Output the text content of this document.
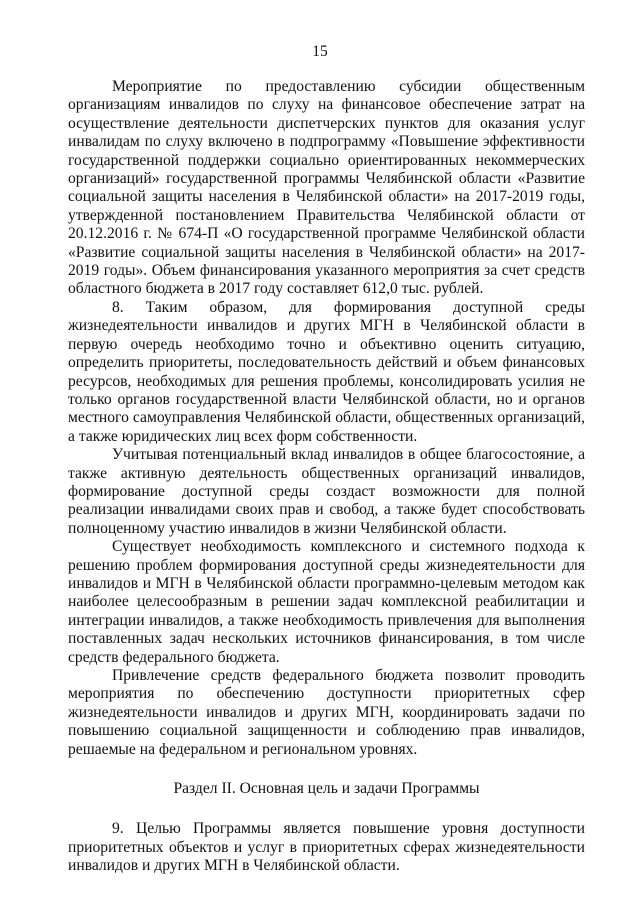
15

Мероприятие по предоставлению субсидии общественным организациям инвалидов по слуху на финансовое обеспечение затрат на осуществление деятельности диспетчерских пунктов для оказания услуг инвалидам по слуху включено в подпрограмму «Повышение эффективности государственной поддержки социально ориентированных некоммерческих организаций» государственной программы Челябинской области «Развитие социальной защиты населения в Челябинской области» на 2017-2019 годы, утвержденной постановлением Правительства Челябинской области от 20.12.2016 г. № 674-П «О государственной программе Челябинской области «Развитие социальной защиты населения в Челябинской области» на 2017-2019 годы». Объем финансирования указанного мероприятия за счет средств областного бюджета в 2017 году составляет 612,0 тыс. рублей.

8. Таким образом, для формирования доступной среды жизнедеятельности инвалидов и других МГН в Челябинской области в первую очередь необходимо точно и объективно оценить ситуацию, определить приоритеты, последовательность действий и объем финансовых ресурсов, необходимых для решения проблемы, консолидировать усилия не только органов государственной власти Челябинской области, но и органов местного самоуправления Челябинской области, общественных организаций, а также юридических лиц всех форм собственности.

Учитывая потенциальный вклад инвалидов в общее благосостояние, а также активную деятельность общественных организаций инвалидов, формирование доступной среды создаст возможности для полной реализации инвалидами своих прав и свобод, а также будет способствовать полноценному участию инвалидов в жизни Челябинской области.

Существует необходимость комплексного и системного подхода к решению проблем формирования доступной среды жизнедеятельности для инвалидов и МГН в Челябинской области программно-целевым методом как наиболее целесообразным в решении задач комплексной реабилитации и интеграции инвалидов, а также необходимость привлечения для выполнения поставленных задач нескольких источников финансирования, в том числе средств федерального бюджета.

Привлечение средств федерального бюджета позволит проводить мероприятия по обеспечению доступности приоритетных сфер жизнедеятельности инвалидов и других МГН, координировать задачи по повышению социальной защищенности и соблюдению прав инвалидов, решаемые на федеральном и региональном уровнях.

Раздел II. Основная цель и задачи Программы

9. Целью Программы является повышение уровня доступности приоритетных объектов и услуг в приоритетных сферах жизнедеятельности инвалидов и других МГН в Челябинской области.
